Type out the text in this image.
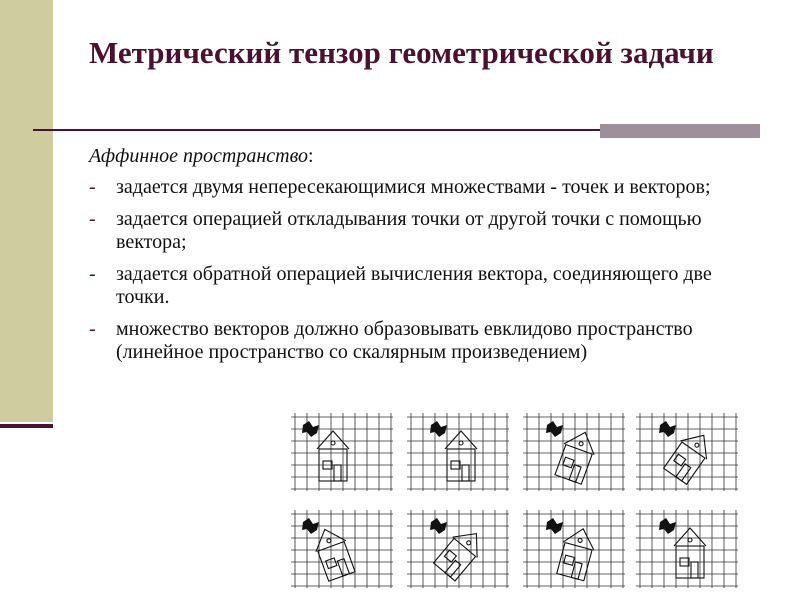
Метрический тензор геометрической задачи

Аффинное пространство:

- задается двумя непересекающимися множествами - точек и векторов;
- задается операцией откладывания точки от другой точки с помощью вектора;
- задается обратной операцией вычисления вектора, соединяющего две точки.
- множество векторов должно образовывать евклидово пространство (линейное пространство со скалярным произведением)
